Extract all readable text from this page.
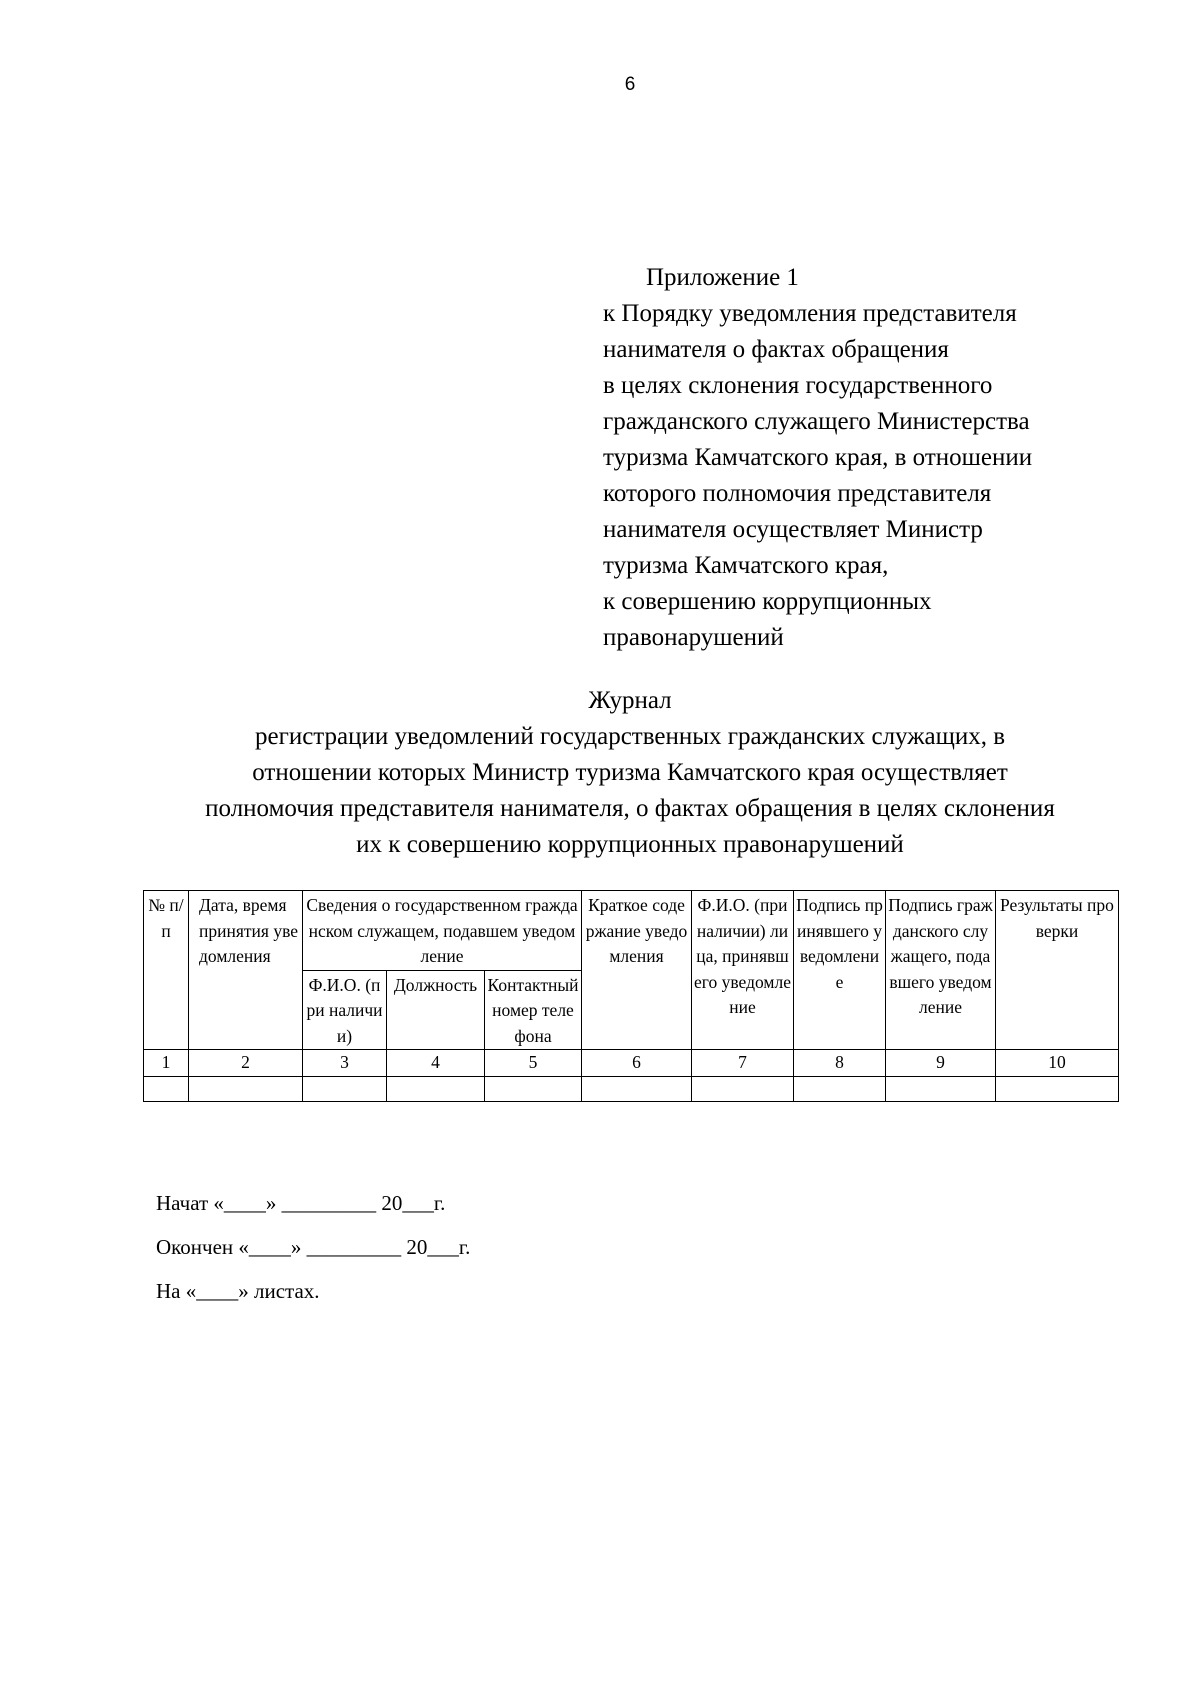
6
Приложение 1
к Порядку уведомления представителя
нанимателя о фактах обращения
в целях склонения государственного
гражданского служащего Министерства
туризма Камчатского края, в отношении
которого полномочия представителя
нанимателя осуществляет Министр
туризма Камчатского края,
к совершению коррупционных
правонарушений
Журнал
регистрации уведомлений государственных гражданских служащих, в
отношении которых Министр туризма Камчатского края осуществляет
полномочия представителя нанимателя, о фактах обращения в целях склонения
их к совершению коррупционных правонарушений
№ п/п	Дата, время принятия уведомления	Сведения о государственном гражданском служащем, подавшем уведомление			Краткое содержание уведомления	Ф.И.О. (при наличии) лица, принявшего уведомление	Подпись принявшего уведомление	Подпись гражданского служащего, подавшего уведомление	Результаты проверки
		Ф.И.О. (при наличии)	Должность	Контактный номер телефона					
1	2	3	4	5	6	7	8	9	10

Начат «____» _________ 20___г.
Окончен «____» _________ 20___г.
На «____» листах.
